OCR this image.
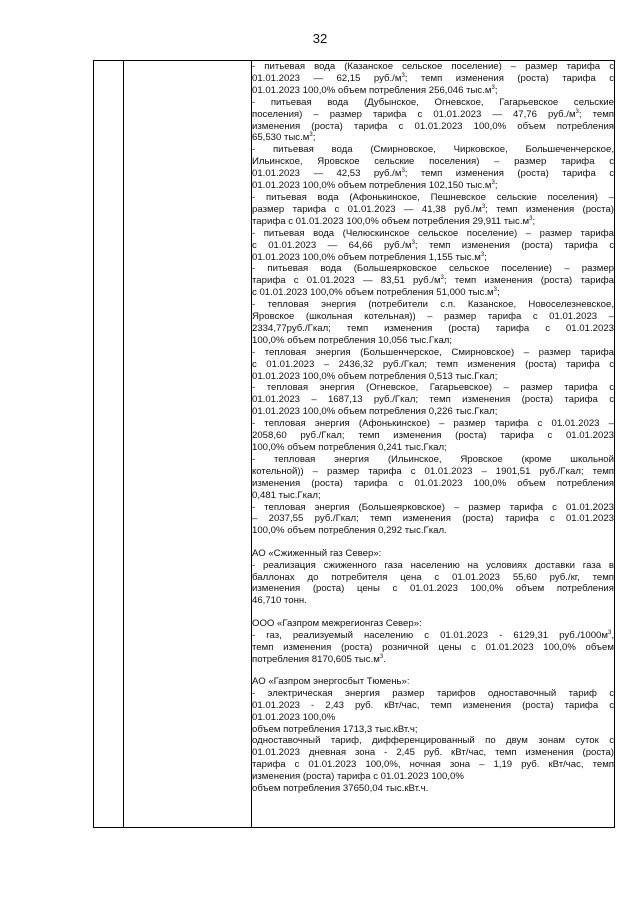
32

- питьевая вода (Казанское сельское поселение) – размер тарифа с
01.01.2023 — 62,15 $руб./м^3$; темп изменения (роста) тарифа с
01.01.2023 100,0% объем потребления 256,046 $тыс.м^3$;
- питьевая вода (Дубынское, Огневское, Гагарьевское сельские
поселения) – размер тарифа с 01.01.2023 — 47,76 $руб./м^3$; темп
изменения (роста) тарифа с 01.01.2023 100,0% объем потребления
65,530 $тыс.м^3$;
- питьевая вода (Смирновское, Чирковское, Большеченчерское,
Ильинское, Яровское сельские поселения) – размер тарифа с
01.01.2023 — 42,53 $руб./м^3$; темп изменения (роста) тарифа с
01.01.2023 100,0% объем потребления 102,150 $тыс.м^3$;
- питьевая вода (Афонькинское, Пешневское сельские поселения) –
размер тарифа с 01.01.2023 — 41,38 $руб./м^3$; темп изменения (роста)
тарифа с 01.01.2023 100,0% объем потребления 29,911 $тыс.м^3$;
- питьевая вода (Челюскинское сельское поселение) – размер тарифа
с 01.01.2023 — 64,66 $руб./м^3$; темп изменения (роста) тарифа с
01.01.2023 100,0% объем потребления 1,155 $тыс.м^3$;
- питьевая вода (Большеярковское сельское поселение) – размер
тарифа с 01.01.2023 — 83,51 $руб./м^3$; темп изменения (роста) тарифа
с 01.01.2023 100,0% объем потребления 51,000 $тыс.м^3$;
- тепловая энергия (потребители с.п. Казанское, Новоселезневское,
Яровское (школьная котельная)) – размер тарифа с 01.01.2023 –
2334,77руб./Гкал; темп изменения (роста) тарифа с 01.01.2023
100,0% объем потребления 10,056 тыс.Гкал;
- тепловая энергия (Большенчерское, Смирновское) – размер тарифа
с 01.01.2023 – 2436,32 руб./Гкал; темп изменения (роста) тарифа с
01.01.2023 100,0% объем потребления 0,513 тыс.Гкал;
- тепловая энергия (Огневское, Гагарьевское) – размер тарифа с
01.01.2023 – 1687,13 руб./Гкал; темп изменения (роста) тарифа с
01.01.2023 100,0% объем потребления 0,226 тыс.Гкал;
- тепловая энергия (Афонькинское) – размер тарифа с 01.01.2023 –
2058,60 руб./Гкал; темп изменения (роста) тарифа с 01.01.2023
100,0% объем потребления 0,241 тыс.Гкал;
- тепловая энергия (Ильинское, Яровское (кроме школьной
котельной)) – размер тарифа с 01.01.2023 – 1901,51 руб./Гкал; темп
изменения (роста) тарифа с 01.01.2023 100,0% объем потребления
0,481 тыс.Гкал;
- тепловая энергия (Большеярковское) – размер тарифа с 01.01.2023
– 2037,55 руб./Гкал; темп изменения (роста) тарифа с 01.01.2023
100,0% объем потребления 0,292 тыс.Гкал.
АО «Сжиженный газ Север»:
- реализация сжиженного газа населению на условиях доставки газа в
баллонах до потребителя цена с 01.01.2023 55,60 руб./кг, темп
изменения (роста) цены с 01.01.2023 100,0% объем потребления
46,710 тонн.
ООО «Газпром межрегионгаз Север»:
- газ, реализуемый населению с 01.01.2023 - 6129,31 $руб./1000м^3$,
темп изменения (роста) розничной цены с 01.01.2023 100,0% объем
потребления 8170,605 $тыс.м^3$.
АО «Газпром энергосбыт Тюмень»:
- электрическая энергия размер тарифов одноставочный тариф с
01.01.2023 - 2,43 руб. кВт/час, темп изменения (роста) тарифа с
01.01.2023 100,0%
объем потребления 1713,3 тыс.кВт.ч;
одноставочный тариф, дифференцированный по двум зонам суток с
01.01.2023 дневная зона - 2,45 руб. кВт/час, темп изменения (роста)
тарифа с 01.01.2023 100,0%, ночная зона – 1,19 руб. кВт/час, темп
изменения (роста) тарифа с 01.01.2023 100,0%
объем потребления 37650,04 тыс.кВт.ч.
